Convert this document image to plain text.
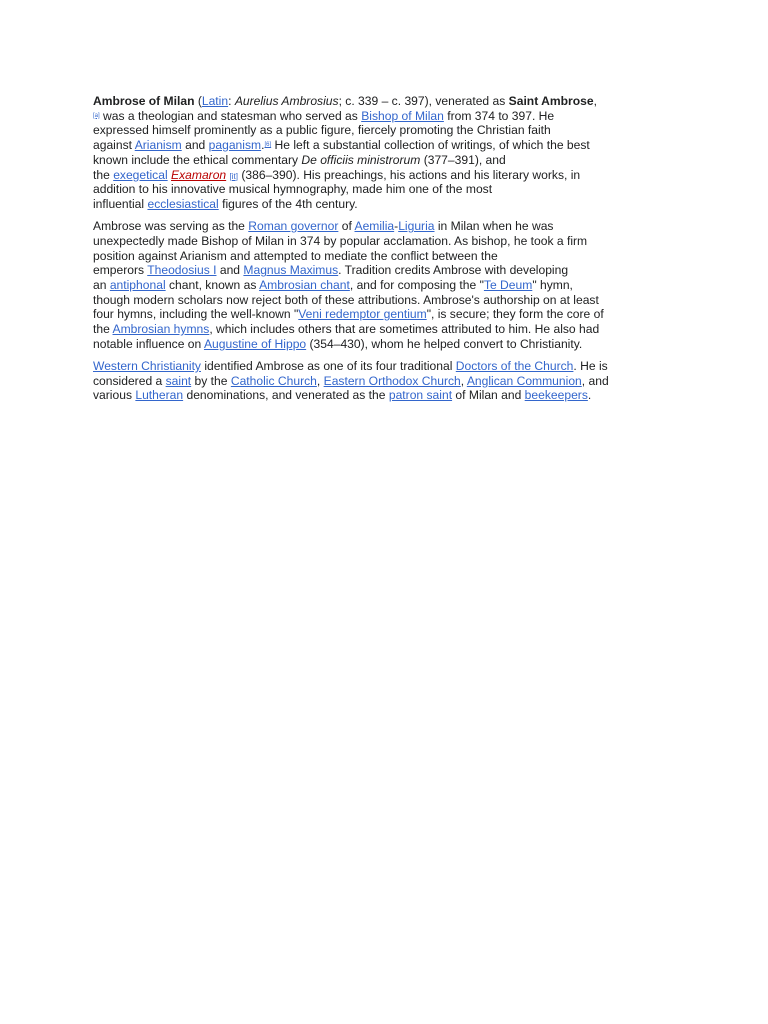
Ambrose of Milan (Latin: Aurelius Ambrosius; c. 339 – c. 397), venerated as Saint Ambrose,
[a] was a theologian and statesman who served as Bishop of Milan from 374 to 397. He
expressed himself prominently as a public figure, fiercely promoting the Christian faith
against Arianism and paganism.[6] He left a substantial collection of writings, of which the best
known include the ethical commentary De officiis ministrorum (377–391), and
the exegetical Examaron [it] (386–390). His preachings, his actions and his literary works, in
addition to his innovative musical hymnography, made him one of the most
influential ecclesiastical figures of the 4th century.
Ambrose was serving as the Roman governor of Aemilia-Liguria in Milan when he was
unexpectedly made Bishop of Milan in 374 by popular acclamation. As bishop, he took a firm
position against Arianism and attempted to mediate the conflict between the
emperors Theodosius I and Magnus Maximus. Tradition credits Ambrose with developing
an antiphonal chant, known as Ambrosian chant, and for composing the "Te Deum" hymn,
though modern scholars now reject both of these attributions. Ambrose's authorship on at least
four hymns, including the well-known "Veni redemptor gentium", is secure; they form the core of
the Ambrosian hymns, which includes others that are sometimes attributed to him. He also had
notable influence on Augustine of Hippo (354–430), whom he helped convert to Christianity.
Western Christianity identified Ambrose as one of its four traditional Doctors of the Church. He is
considered a saint by the Catholic Church, Eastern Orthodox Church, Anglican Communion, and
various Lutheran denominations, and venerated as the patron saint of Milan and beekeepers.
